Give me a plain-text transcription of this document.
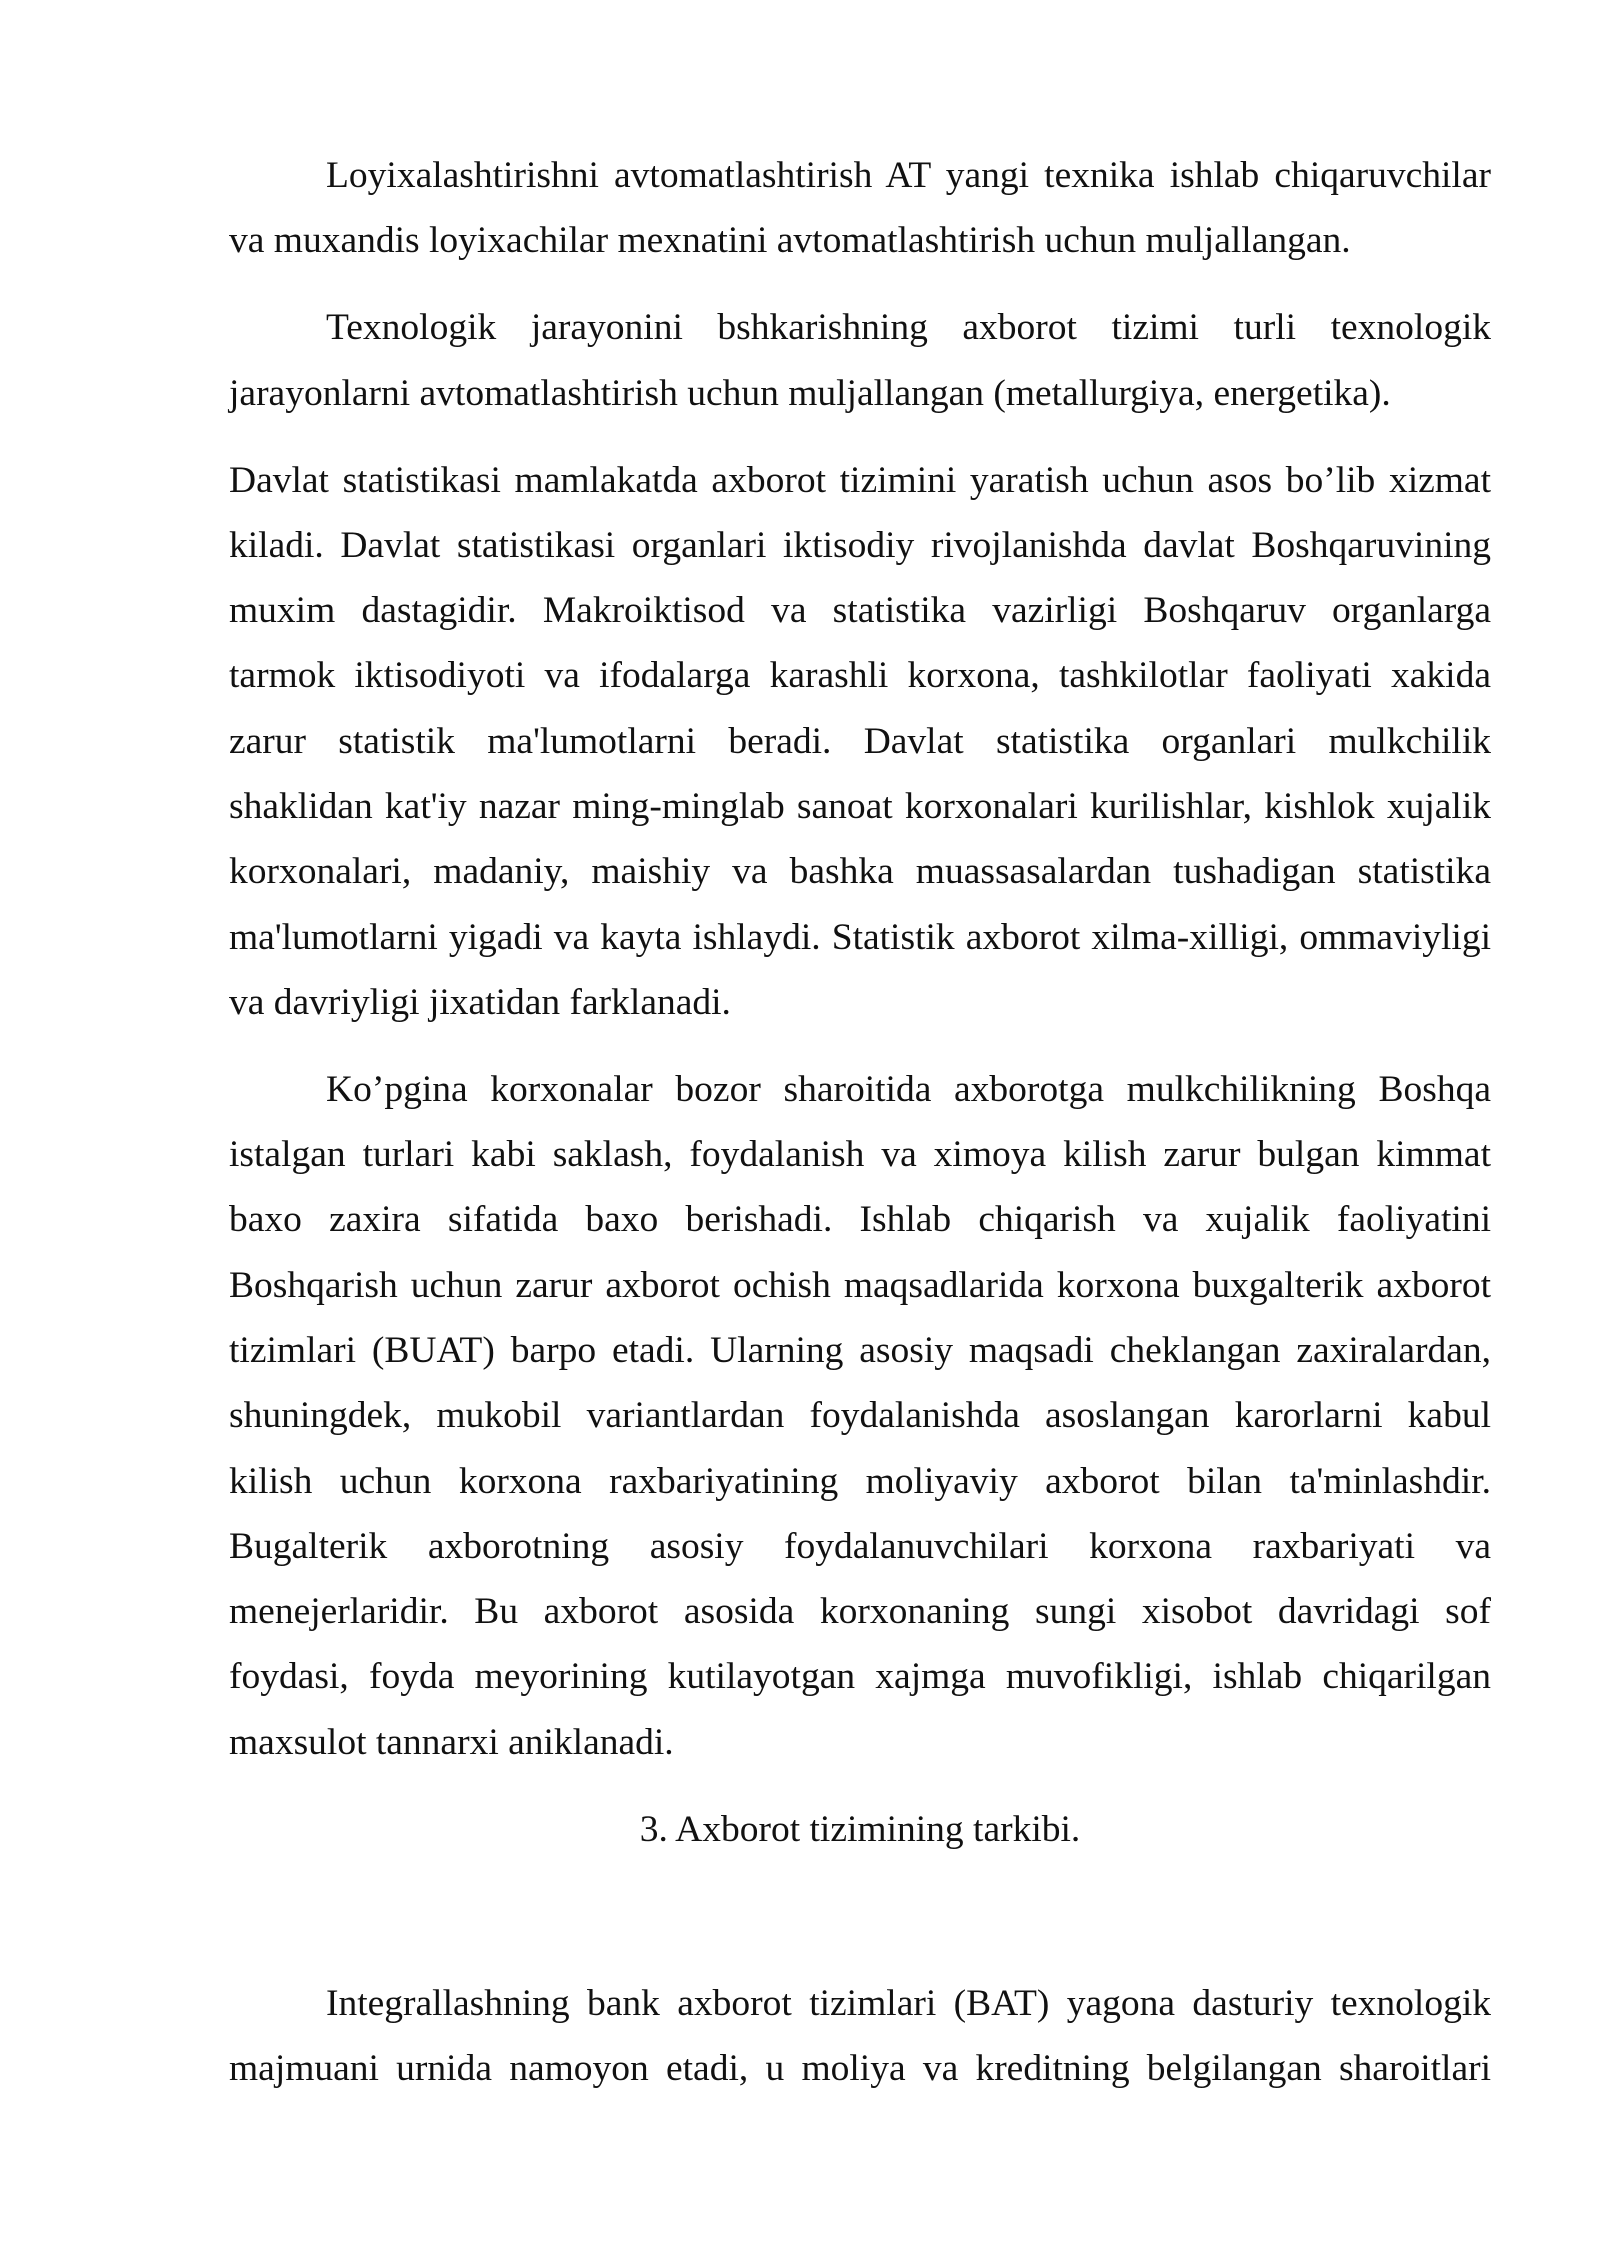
Loyixalashtirishni avtomatlashtirish AT yangi texnika ishlab chiqaruvchilar
va muxandis loyixachilar mexnatini avtomatlashtirish uchun muljallangan.
Texnologik jarayonini bshkarishning axborot tizimi turli texnologik
jarayonlarni avtomatlashtirish uchun muljallangan (metallurgiya, energetika).
Davlat statistikasi mamlakatda axborot tizimini yaratish uchun asos bo’lib xizmat
kiladi. Davlat statistikasi organlari iktisodiy rivojlanishda davlat Boshqaruvining
muxim dastagidir. Makroiktisod va statistika vazirligi Boshqaruv organlarga
tarmok iktisodiyoti va ifodalarga karashli korxona, tashkilotlar faoliyati xakida
zarur statistik ma'lumotlarni beradi. Davlat statistika organlari mulkchilik
shaklidan kat'iy nazar ming-minglab sanoat korxonalari kurilishlar, kishlok xujalik
korxonalari, madaniy, maishiy va bashka muassasalardan tushadigan statistika
ma'lumotlarni yigadi va kayta ishlaydi. Statistik axborot xilma-xilligi, ommaviyligi
va davriyligi jixatidan farklanadi.
Ko’pgina korxonalar bozor sharoitida axborotga mulkchilikning Boshqa
istalgan turlari kabi saklash, foydalanish va ximoya kilish zarur bulgan kimmat
baxo zaxira sifatida baxo berishadi. Ishlab chiqarish va xujalik faoliyatini
Boshqarish uchun zarur axborot ochish maqsadlarida korxona buxgalterik axborot
tizimlari (BUAT) barpo etadi. Ularning asosiy maqsadi cheklangan zaxiralardan,
shuningdek, mukobil variantlardan foydalanishda asoslangan karorlarni kabul
kilish uchun korxona raxbariyatining moliyaviy axborot bilan ta'minlashdir.
Bugalterik axborotning asosiy foydalanuvchilari korxona raxbariyati va
menejerlaridir. Bu axborot asosida korxonaning sungi xisobot davridagi sof
foydasi, foyda meyorining kutilayotgan xajmga muvofikligi, ishlab chiqarilgan
maxsulot tannarxi aniklanadi.
3. Axborot tizimining tarkibi.
Integrallashning bank axborot tizimlari (BAT) yagona dasturiy texnologik
majmuani urnida namoyon etadi, u moliya va kreditning belgilangan sharoitlari
